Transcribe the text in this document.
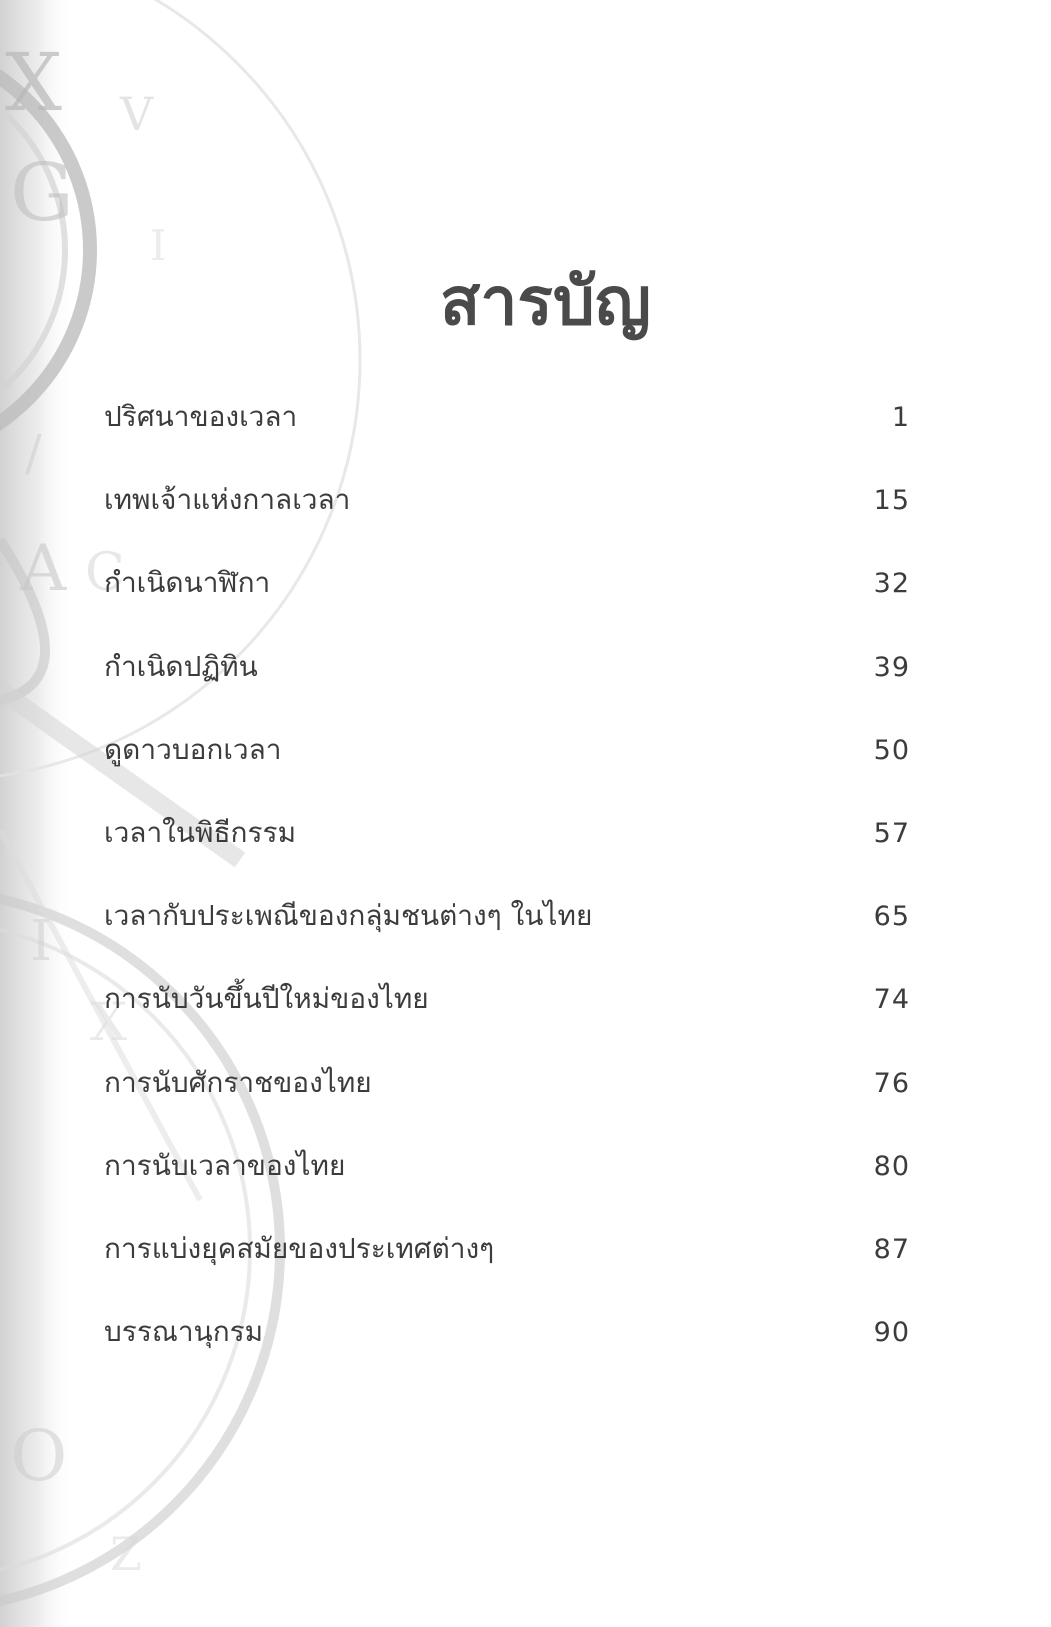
X
G
V
I
/
A C
I
X
O
Z
สารบัญ
ปริศนาของเวลา	1
เทพเจ้าแห่งกาลเวลา	15
กำเนิดนาฬิกา	32
กำเนิดปฏิทิน	39
ดูดาวบอกเวลา	50
เวลาในพิธีกรรม	57
เวลากับประเพณีของกลุ่มชนต่างๆ ในไทย	65
การนับวันขึ้นปีใหม่ของไทย	74
การนับศักราชของไทย	76
การนับเวลาของไทย	80
การแบ่งยุคสมัยของประเทศต่างๆ	87
บรรณานุกรม	90
